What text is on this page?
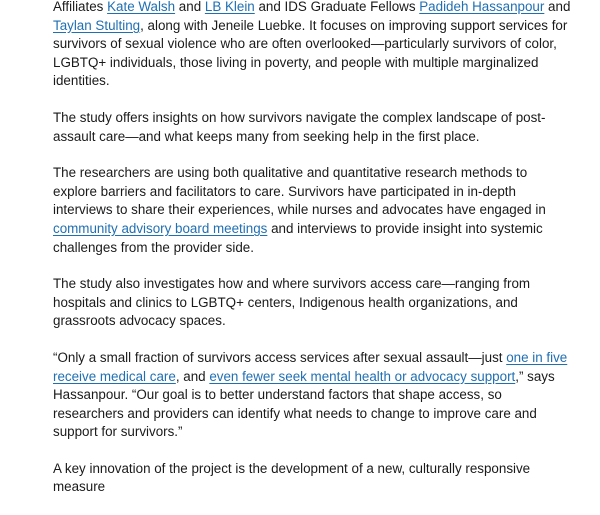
Affiliates Kate Walsh and LB Klein and IDS Graduate Fellows Padideh Hassanpour and Taylan Stulting, along with Jeneile Luebke. It focuses on improving support services for survivors of sexual violence who are often overlooked—particularly survivors of color, LGBTQ+ individuals, those living in poverty, and people with multiple marginalized identities.

The study offers insights on how survivors navigate the complex landscape of post-assault care—and what keeps many from seeking help in the first place.

The researchers are using both qualitative and quantitative research methods to explore barriers and facilitators to care. Survivors have participated in in-depth interviews to share their experiences, while nurses and advocates have engaged in community advisory board meetings and interviews to provide insight into systemic challenges from the provider side.

The study also investigates how and where survivors access care—ranging from hospitals and clinics to LGBTQ+ centers, Indigenous health organizations, and grassroots advocacy spaces.

“Only a small fraction of survivors access services after sexual assault—just one in five receive medical care, and even fewer seek mental health or advocacy support,” says Hassanpour. “Our goal is to better understand factors that shape access, so researchers and providers can identify what needs to change to improve care and support for survivors.”

A key innovation of the project is the development of a new, culturally responsive measure
